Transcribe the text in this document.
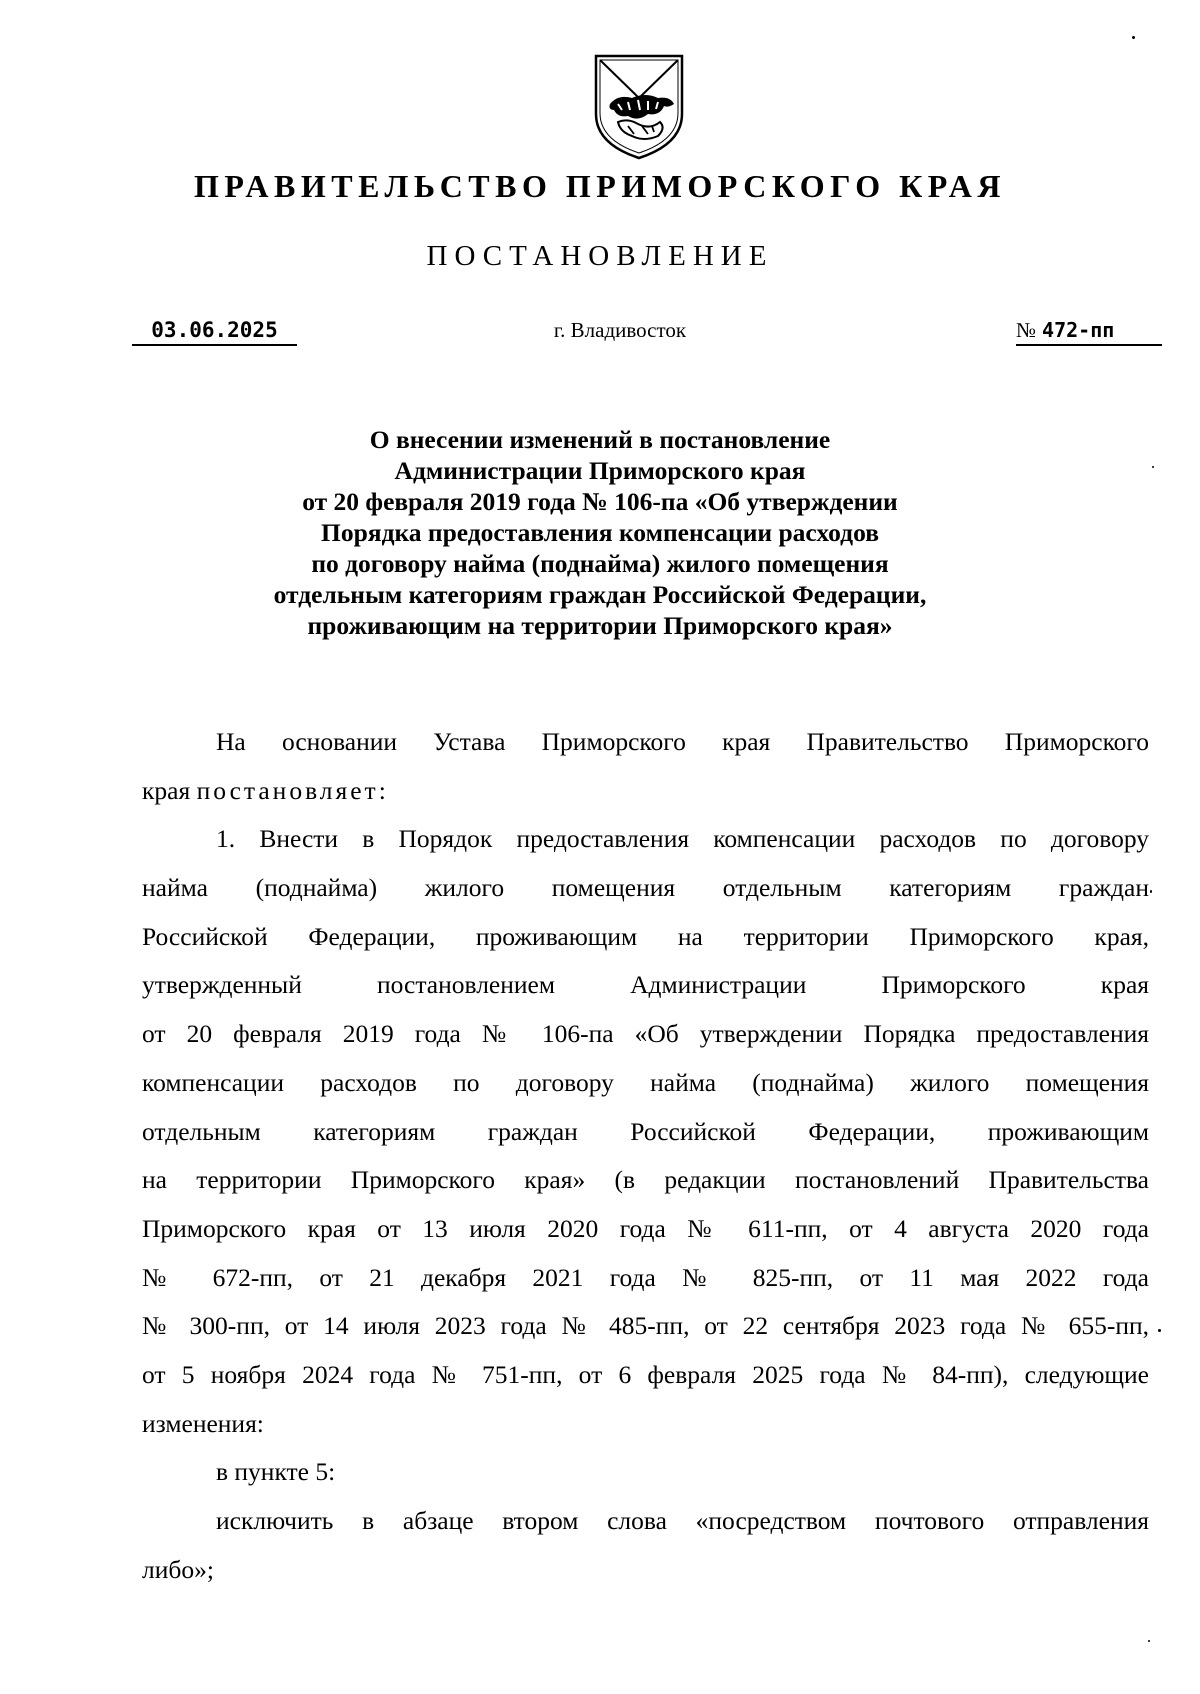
ПРАВИТЕЛЬСТВО ПРИМОРСКОГО КРАЯ
ПОСТАНОВЛЕНИЕ
03.06.2025	г. Владивосток	№ 472-пп
О внесении изменений в постановление
Администрации Приморского края
от 20 февраля 2019 года № 106-па «Об утверждении
Порядка предоставления компенсации расходов
по договору найма (поднайма) жилого помещения
отдельным категориям граждан Российской Федерации,
проживающим на территории Приморского края»
На основании Устава Приморского края Правительство Приморского
края постановляет:
1. Внести в Порядок предоставления компенсации расходов по договору
найма (поднайма) жилого помещения отдельным категориям граждан
Российской Федерации, проживающим на территории Приморского края,
утвержденный постановлением Администрации Приморского края
от 20 февраля 2019 года № 106-па «Об утверждении Порядка предоставления
компенсации расходов по договору найма (поднайма) жилого помещения
отдельным категориям граждан Российской Федерации, проживающим
на территории Приморского края» (в редакции постановлений Правительства
Приморского края от 13 июля 2020 года № 611-пп, от 4 августа 2020 года
№ 672-пп, от 21 декабря 2021 года № 825-пп, от 11 мая 2022 года
№ 300-пп, от 14 июля 2023 года № 485-пп, от 22 сентября 2023 года № 655-пп,
от 5 ноября 2024 года № 751-пп, от 6 февраля 2025 года № 84-пп), следующие
изменения:
в пункте 5:
исключить в абзаце втором слова «посредством почтового отправления
либо»;
